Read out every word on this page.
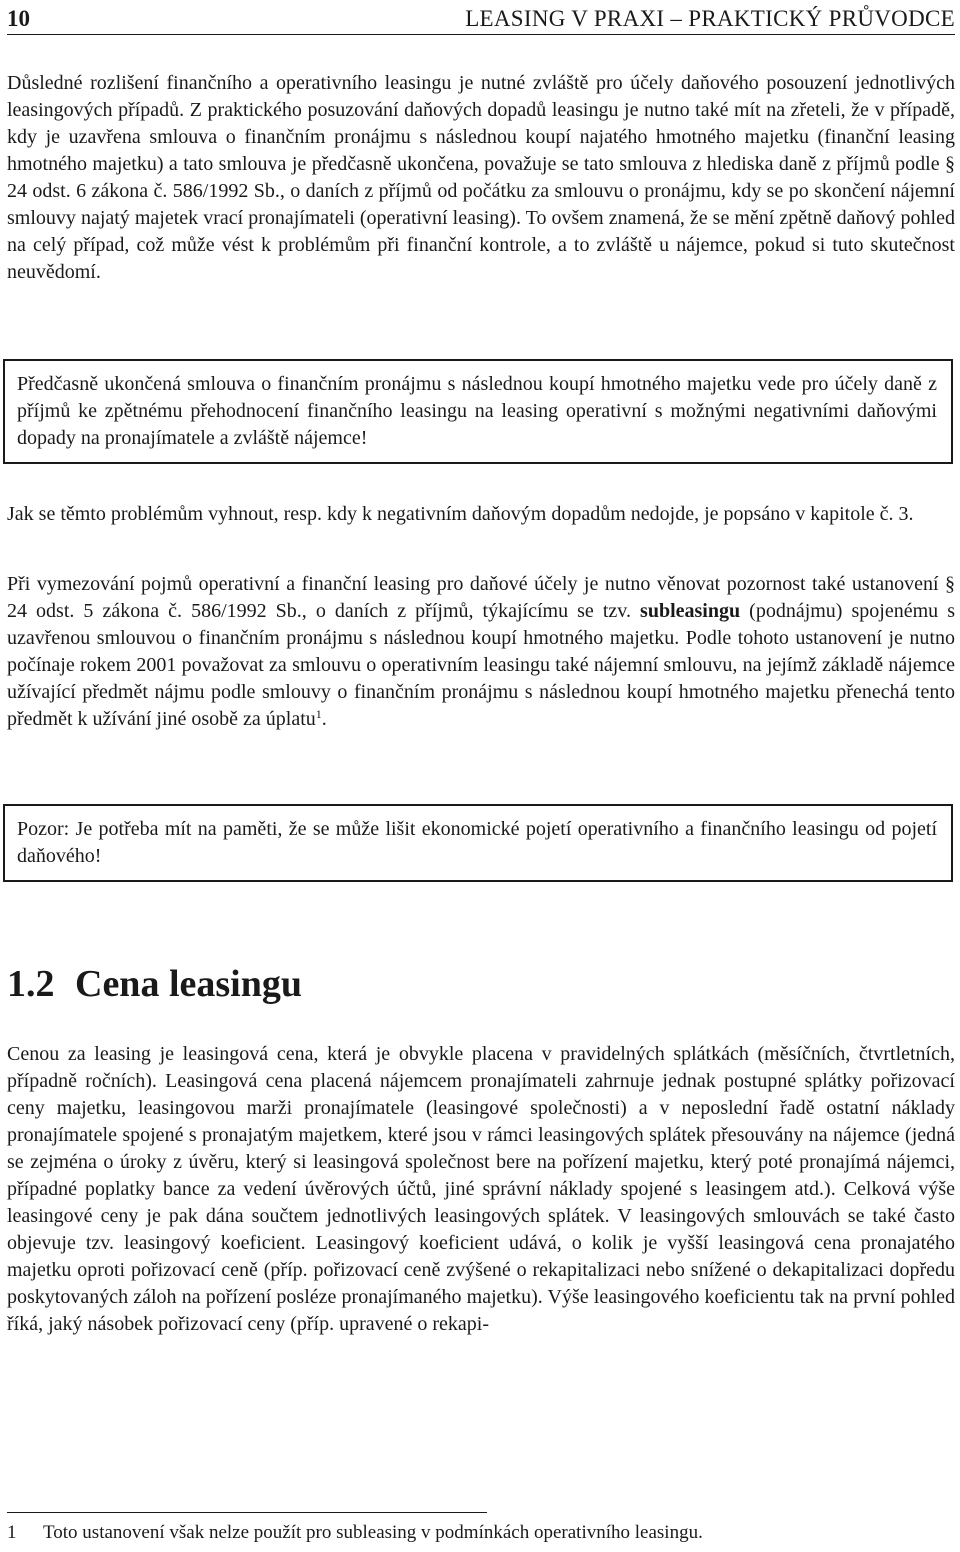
10	LEASING V PRAXI – PRAKTICKÝ PRŮVODCE

Důsledné rozlišení finančního a operativního leasingu je nutné zvláště pro účely daňového posouzení jednotlivých leasingových případů. Z praktického posuzování daňových dopadů leasingu je nutno také mít na zřeteli, že v případě, kdy je uzavřena smlouva o finančním pronájmu s následnou koupí najatého hmotného majetku (finanční leasing hmotného majetku) a tato smlouva je předčasně ukončena, považuje se tato smlouva z hlediska daně z příjmů podle § 24 odst. 6 zákona č. 586/1992 Sb., o daních z příjmů od počátku za smlouvu o pronájmu, kdy se po skončení nájemní smlouvy najatý majetek vrací pronajímateli (operativní leasing). To ovšem znamená, že se mění zpětně daňový pohled na celý případ, což může vést k problémům při finanční kontrole, a to zvláště u nájemce, pokud si tuto skutečnost neuvědomí.

Předčasně ukončená smlouva o finančním pronájmu s následnou koupí hmotného majetku vede pro účely daně z příjmů ke zpětnému přehodnocení finančního leasingu na leasing operativní s možnými negativními daňovými dopady na pronajímatele a zvláště nájemce!

Jak se těmto problémům vyhnout, resp. kdy k negativním daňovým dopadům nedojde, je popsáno v kapitole č. 3.

Při vymezování pojmů operativní a finanční leasing pro daňové účely je nutno věnovat pozornost také ustanovení § 24 odst. 5 zákona č. 586/1992 Sb., o daních z příjmů, týkajícímu se tzv. subleasingu (podnájmu) spojenému s uzavřenou smlouvou o finančním pronájmu s následnou koupí hmotného majetku. Podle tohoto ustanovení je nutno počínaje rokem 2001 považovat za smlouvu o operativním leasingu také nájemní smlouvu, na jejímž základě nájemce užívající předmět nájmu podle smlouvy o finančním pronájmu s následnou koupí hmotného majetku přenechá tento předmět k užívání jiné osobě za úplatu$^1$.

Pozor: Je potřeba mít na paměti, že se může lišit ekonomické pojetí operativního a finančního leasingu od pojetí daňového!

1.2 Cena leasingu

Cenou za leasing je leasingová cena, která je obvykle placena v pravidelných splátkách (měsíčních, čtvrtletních, případně ročních). Leasingová cena placená nájemcem pronajímateli zahrnuje jednak postupné splátky pořizovací ceny majetku, leasingovou marži pronajímatele (leasingové společnosti) a v neposlední řadě ostatní náklady pronajímatele spojené s pronajatým majetkem, které jsou v rámci leasingových splátek přesouvány na nájemce (jedná se zejména o úroky z úvěru, který si leasingová společnost bere na pořízení majetku, který poté pronajímá nájemci, případné poplatky bance za vedení úvěrových účtů, jiné správní náklady spojené s leasingem atd.). Celková výše leasingové ceny je pak dána součtem jednotlivých leasingových splátek. V leasingových smlouvách se také často objevuje tzv. leasingový koeficient. Leasingový koeficient udává, o kolik je vyšší leasingová cena pronajatého majetku oproti pořizovací ceně (příp. pořizovací ceně zvýšené o rekapitalizaci nebo snížené o dekapitalizaci dopředu poskytovaných záloh na pořízení posléze pronajímaného majetku). Výše leasingového koeficientu tak na první pohled říká, jaký násobek pořizovací ceny (příp. upravené o rekapi-

1 Toto ustanovení však nelze použít pro subleasing v podmínkách operativního leasingu.
